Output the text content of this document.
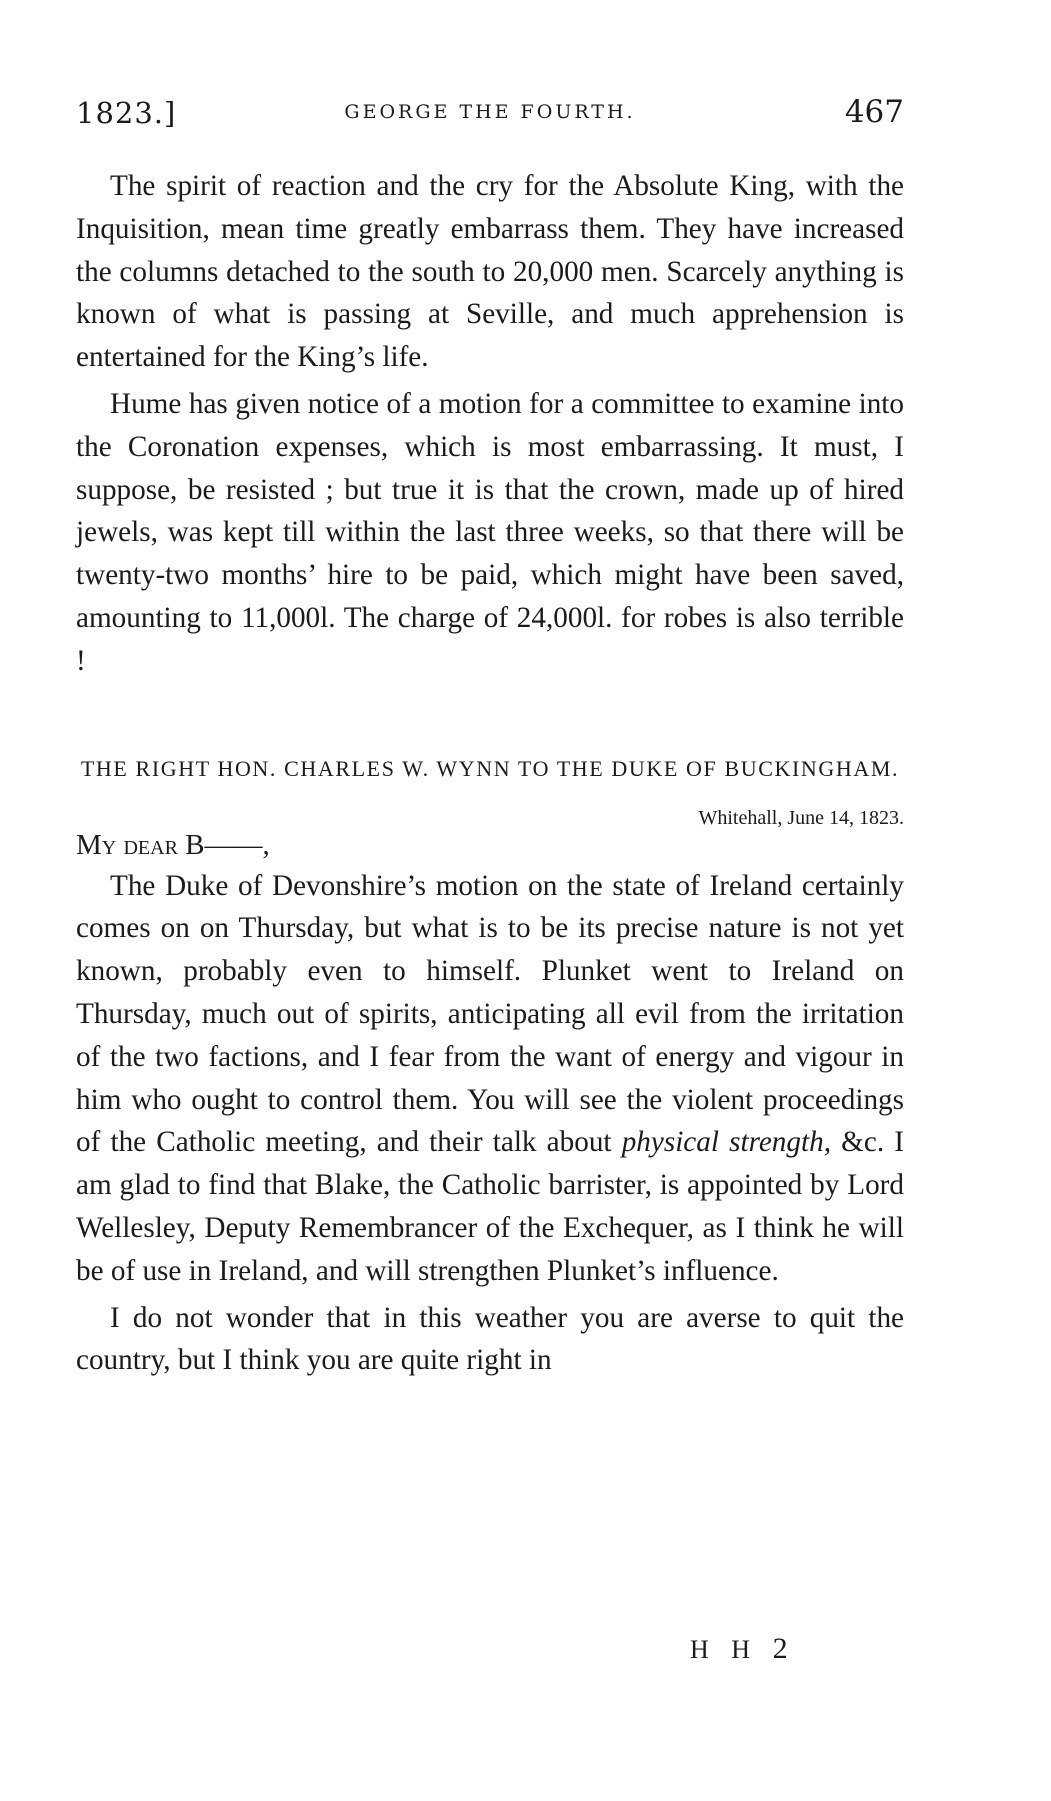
1823.]	GEORGE THE FOURTH.	467

The spirit of reaction and the cry for the Absolute King, with the Inquisition, mean time greatly embarrass them. They have increased the columns detached to the south to 20,000 men. Scarcely anything is known of what is passing at Seville, and much apprehension is entertained for the King’s life.

Hume has given notice of a motion for a committee to examine into the Coronation expenses, which is most embarrassing. It must, I suppose, be resisted ; but true it is that the crown, made up of hired jewels, was kept till within the last three weeks, so that there will be twenty-two months’ hire to be paid, which might have been saved, amounting to 11,000l. The charge of 24,000l. for robes is also terrible !

THE RIGHT HON. CHARLES W. WYNN TO THE DUKE OF BUCKINGHAM.
Whitehall, June 14, 1823.

My dear B——,

The Duke of Devonshire’s motion on the state of Ireland certainly comes on on Thursday, but what is to be its precise nature is not yet known, probably even to himself. Plunket went to Ireland on Thursday, much out of spirits, anticipating all evil from the irritation of the two factions, and I fear from the want of energy and vigour in him who ought to control them. You will see the violent proceedings of the Catholic meeting, and their talk about physical strength, &c. I am glad to find that Blake, the Catholic barrister, is appointed by Lord Wellesley, Deputy Remembrancer of the Exchequer, as I think he will be of use in Ireland, and will strengthen Plunket’s influence.

I do not wonder that in this weather you are averse to quit the country, but I think you are quite right in

H H 2
